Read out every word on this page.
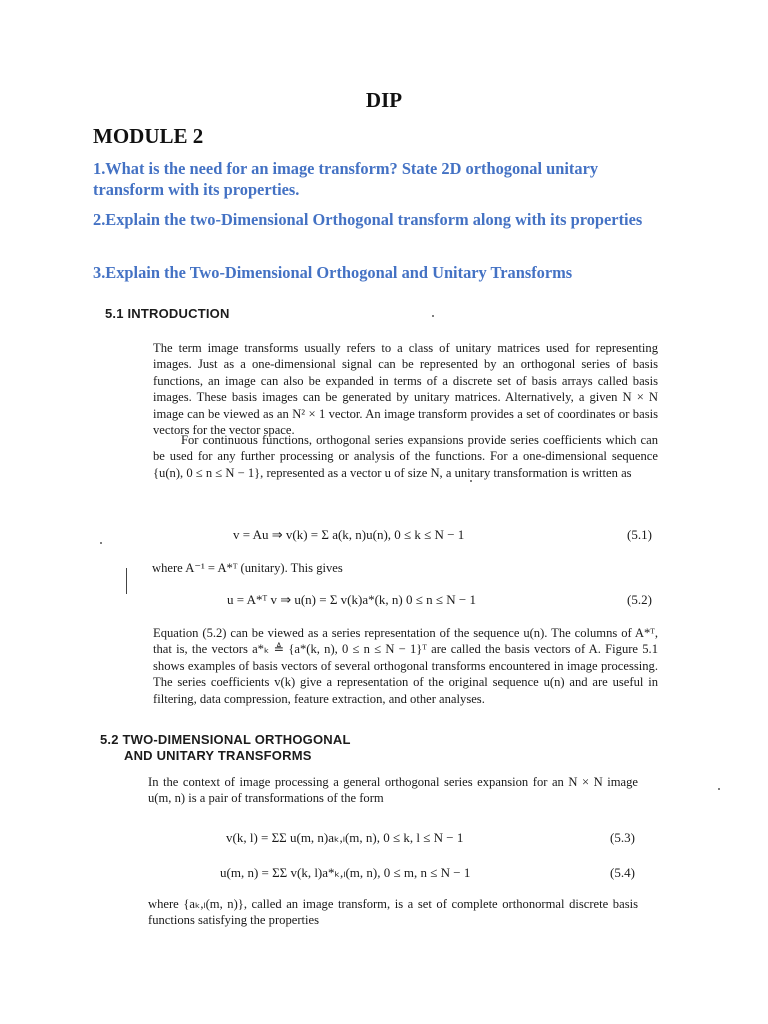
DIP
MODULE 2
1.What is the need for an image transform? State 2D orthogonal unitary transform with its properties.
2.Explain the two-Dimensional Orthogonal transform along with its properties
3.Explain the Two-Dimensional Orthogonal and Unitary Transforms
5.1 INTRODUCTION
The term image transforms usually refers to a class of unitary matrices used for representing images. Just as a one-dimensional signal can be represented by an orthogonal series of basis functions, an image can also be expanded in terms of a discrete set of basis arrays called basis images. These basis images can be generated by unitary matrices. Alternatively, a given N × N image can be viewed as an N² × 1 vector. An image transform provides a set of coordinates or basis vectors for the vector space.
For continuous functions, orthogonal series expansions provide series coefficients which can be used for any further processing or analysis of the functions. For a one-dimensional sequence {u(n), 0 ≤ n ≤ N − 1}, represented as a vector u of size N, a unitary transformation is written as
v = Au ⇒ v(k) = Σ a(k, n)u(n), 0 ≤ k ≤ N − 1	(5.1)
where A⁻¹ = A*ᵀ (unitary). This gives
u = A*ᵀ v ⇒ u(n) = Σ v(k)a*(k, n) 0 ≤ n ≤ N − 1	(5.2)
Equation (5.2) can be viewed as a series representation of the sequence u(n). The columns of A*ᵀ, that is, the vectors a*ₖ ≜ {a*(k, n), 0 ≤ n ≤ N − 1}ᵀ are called the basis vectors of A. Figure 5.1 shows examples of basis vectors of several orthogonal transforms encountered in image processing. The series coefficients v(k) give a representation of the original sequence u(n) and are useful in filtering, data compression, feature extraction, and other analyses.
5.2 TWO-DIMENSIONAL ORTHOGONAL
AND UNITARY TRANSFORMS
In the context of image processing a general orthogonal series expansion for an N × N image u(m, n) is a pair of transformations of the form
v(k, l) = ΣΣ u(m, n)aₖ,ₗ(m, n), 0 ≤ k, l ≤ N − 1	(5.3)
u(m, n) = ΣΣ v(k, l)a*ₖ,ₗ(m, n), 0 ≤ m, n ≤ N − 1	(5.4)
where {aₖ,ₗ(m, n)}, called an image transform, is a set of complete orthonormal discrete basis functions satisfying the properties
